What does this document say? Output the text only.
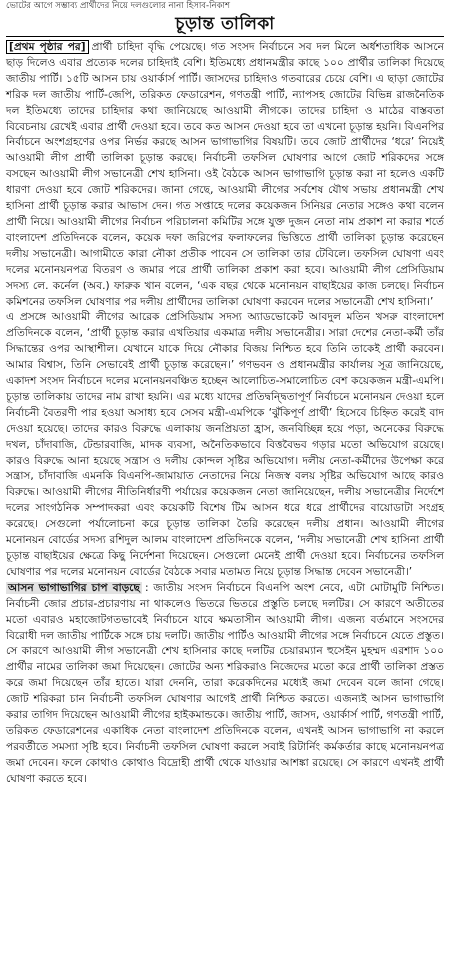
ভোটের আগে সম্ভাব্য প্রার্থীদের নিয়ে দলগুলোর নানা হিসাব-নিকাশ
চূড়ান্ত তালিকা

[প্রথম পৃষ্ঠার পর] প্রার্থী চাহিদা বৃদ্ধি পেয়েছে। গত সংসদ নির্বাচনে সব দল মিলে অর্ধশতাধিক আসনে ছাড় দিলেও এবার প্রত্যেক দলের চাহিদাই বেশি। ইতিমধ্যে প্রধানমন্ত্রীর কাছে ১০০ প্রার্থীর তালিকা দিয়েছে জাতীয় পার্টি। ১৫টি আসন চায় ওয়ার্কার্স পার্টি। জাসদের চাহিদাও গতবারের চেয়ে বেশি। এ ছাড়া জোটের শরিক দল জাতীয় পার্টি-জেপি, তরিকত ফেডারেশন, গণতন্ত্রী পার্টি, ন্যাপসহ জোটের বিভিন্ন রাজনৈতিক দল ইতিমধ্যে তাদের চাহিদার কথা জানিয়েছে আওয়ামী লীগকে। তাদের চাহিদা ও মাঠের বাস্তবতা বিবেচনায় রেখেই এবার প্রার্থী দেওয়া হবে। তবে কত আসন দেওয়া হবে তা এখনো চূড়ান্ত হয়নি। বিএনপির নির্বাচনে অংশগ্রহণের ওপর নির্ভর করছে আসন ভাগাভাগির বিষয়টি। তবে জোট প্রার্থীদের ‘ধরে’ নিয়েই আওয়ামী লীগ প্রার্থী তালিকা চূড়ান্ত করছে। নির্বাচনী তফসিল ঘোষণার আগে জোট শরিকদের সঙ্গে বসছেন আওয়ামী লীগ সভানেত্রী শেখ হাসিনা। ওই বৈঠকে আসন ভাগাভাগি চূড়ান্ত করা না হলেও একটি ধারণা দেওয়া হবে জোট শরিকদের। জানা গেছে, আওয়ামী লীগের সর্বশেষ যৌথ সভায় প্রধানমন্ত্রী শেখ হাসিনা প্রার্থী চূড়ান্ত করার আভাস দেন। গত সপ্তাহে দলের কয়েকজন সিনিয়র নেতার সঙ্গেও কথা বলেন প্রার্থী নিয়ে। আওয়ামী লীগের নির্বাচন পরিচালনা কমিটির সঙ্গে যুক্ত দুজন নেতা নাম প্রকাশ না করার শর্তে বাংলাদেশ প্রতিদিনকে বলেন, কয়েক দফা জরিপের ফলাফলের ভিত্তিতে প্রার্থী তালিকা চূড়ান্ত করেছেন দলীয় সভানেত্রী। আগামীতে কারা নৌকা প্রতীক পাবেন সে তালিকা তার টেবিলে। তফসিল ঘোষণা এবং দলের মনোনয়নপত্র বিতরণ ও জমার পরে প্রার্থী তালিকা প্রকাশ করা হবে। আওয়ামী লীগ প্রেসিডিয়াম সদস্য লে. কর্নেল (অব.) ফারুক খান বলেন, ‘এক বছর থেকে মনোনয়ন বাছাইয়ের কাজ চলছে। নির্বাচন কমিশনের তফসিল ঘোষণার পর দলীয় প্রার্থীদের তালিকা ঘোষণা করবেন দলের সভানেত্রী শেখ হাসিনা।’

এ প্রসঙ্গে আওয়ামী লীগের আরেক প্রেসিডিয়াম সদস্য অ্যাডভোকেট আবদুল মতিন খসরু বাংলাদেশ প্রতিদিনকে বলেন, ‘প্রার্থী চূড়ান্ত করার এখতিয়ার একমাত্র দলীয় সভানেত্রীর। সারা দেশের নেতা-কর্মী তাঁর সিদ্ধান্তের ওপর আস্থাশীল। যেখানে যাকে দিয়ে নৌকার বিজয় নিশ্চিত হবে তিনি তাকেই প্রার্থী করবেন। আমার বিশ্বাস, তিনি সেভাবেই প্রার্থী চূড়ান্ত করেছেন।’ গণভবন ও প্রধানমন্ত্রীর কার্যালয় সূত্র জানিয়েছে, একাদশ সংসদ নির্বাচনে দলের মনোনয়নবঞ্চিত হচ্ছেন আলোচিত-সমালোচিত বেশ কয়েকজন মন্ত্রী-এমপি। চূড়ান্ত তালিকায় তাদের নাম রাখা হয়নি। এর মধ্যে যাদের প্রতিদ্বন্দ্বিতাপূর্ণ নির্বাচনে মনোনয়ন দেওয়া হলে নির্বাচনী বৈতরণী পার হওয়া অসাধ্য হবে সেসব মন্ত্রী-এমপিকে ‘ঝুঁকিপূর্ণ প্রার্থী’ হিসেবে চিহ্নিত করেই বাদ দেওয়া হয়েছে। তাদের কারও বিরুদ্ধে এলাকায় জনপ্রিয়তা হ্রাস, জনবিচ্ছিন্ন হয়ে পড়া, অনেকের বিরুদ্ধে দখল, চাঁদাবাজি, টেন্ডারবাজি, মাদক ব্যবসা, অনৈতিকভাবে বিত্তবৈভব গড়ার মতো অভিযোগ রয়েছে। কারও বিরুদ্ধে আনা হয়েছে সন্ত্রাস ও দলীয় কোন্দল সৃষ্টির অভিযোগ। দলীয় নেতা-কর্মীদের উপেক্ষা করে সন্ত্রাস, চাঁদাবাজি এমনকি বিএনপি-জামায়াত নেতাদের নিয়ে নিজস্ব বলয় সৃষ্টির অভিযোগ আছে কারও বিরুদ্ধে। আওয়ামী লীগের নীতিনির্ধারণী পর্যায়ের কয়েকজন নেতা জানিয়েছেন, দলীয় সভানেত্রীর নির্দেশে দলের সাংগঠনিক সম্পাদকরা এবং কয়েকটি বিশেষ টিম আসন ধরে ধরে প্রার্থীদের বায়োডাটা সংগ্রহ করেছে। সেগুলো পর্যালোচনা করে চূড়ান্ত তালিকা তৈরি করেছেন দলীয় প্রধান। আওয়ামী লীগের মনোনয়ন বোর্ডের সদস্য রশিদুল আলম বাংলাদেশ প্রতিদিনকে বলেন, ‘দলীয় সভানেত্রী শেখ হাসিনা প্রার্থী চূড়ান্ত বাছাইয়ের ক্ষেত্রে কিছু নির্দেশনা দিয়েছেন। সেগুলো মেনেই প্রার্থী দেওয়া হবে। নির্বাচনের তফসিল ঘোষণার পর দলের মনোনয়ন বোর্ডের বৈঠকে সবার মতামত নিয়ে চূড়ান্ত সিদ্ধান্ত দেবেন সভানেত্রী।’

আসন ভাগাভাগির চাপ বাড়ছে : জাতীয় সংসদ নির্বাচনে বিএনপি অংশ নেবে, এটা মোটামুটি নিশ্চিত। নির্বাচনী জোর প্রচার-প্রচারণায় না থাকলেও ভিতরে ভিতরে প্রস্তুতি চলছে দলটির। সে কারণে অতীতের মতো এবারও মহাজোটগতভাবেই নির্বাচনে যাবে ক্ষমতাসীন আওয়ামী লীগ। এজন্য বর্তমানে সংসদের বিরোধী দল জাতীয় পার্টিকে সঙ্গে চায় দলটি। জাতীয় পার্টিও আওয়ামী লীগের সঙ্গে নির্বাচনে যেতে প্রস্তুত। সে কারণে আওয়ামী লীগ সভানেত্রী শেখ হাসিনার কাছে দলটির চেয়ারম্যান হুসেইন মুহম্মদ এরশাদ ১০০ প্রার্থীর নামের তালিকা জমা দিয়েছেন। জোটের অন্য শরিকরাও নিজেদের মতো করে প্রার্থী তালিকা প্রস্তত করে জমা দিয়েছেন তাঁর হাতে। যারা দেননি, তারা করেকদিনের মধ্যেই জমা দেবেন বলে জানা গেছে। জোট শরিকরা চান নির্বাচনী তফসিল ঘোষণার আগেই প্রার্থী নিশ্চিত করতে। এজন্যই আসন ভাগাভাগি করার তাগিদ দিয়েছেন আওয়ামী লীগের হাইকমান্ডকে। জাতীয় পার্টি, জাসদ, ওয়ার্কার্স পার্টি, গণতন্ত্রী পার্টি, তরিকত ফেডারেশনের একাধিক নেতা বাংলাদেশ প্রতিদিনকে বলেন, এখনই আসন ভাগাভাগি না করলে পরবর্তীতে সমস্যা সৃষ্টি হবে। নির্বাচনী তফসিল ঘোষণা করলে সবাই রিটার্নিং কর্মকর্তার কাছে মনোনয়নপত্র জমা দেবেন। ফলে কোথাও কোথাও বিদ্রোহী প্রার্থী থেকে যাওয়ার আশঙ্কা রয়েছে। সে কারণে এখনই প্রার্থী ঘোষণা করতে হবে।
